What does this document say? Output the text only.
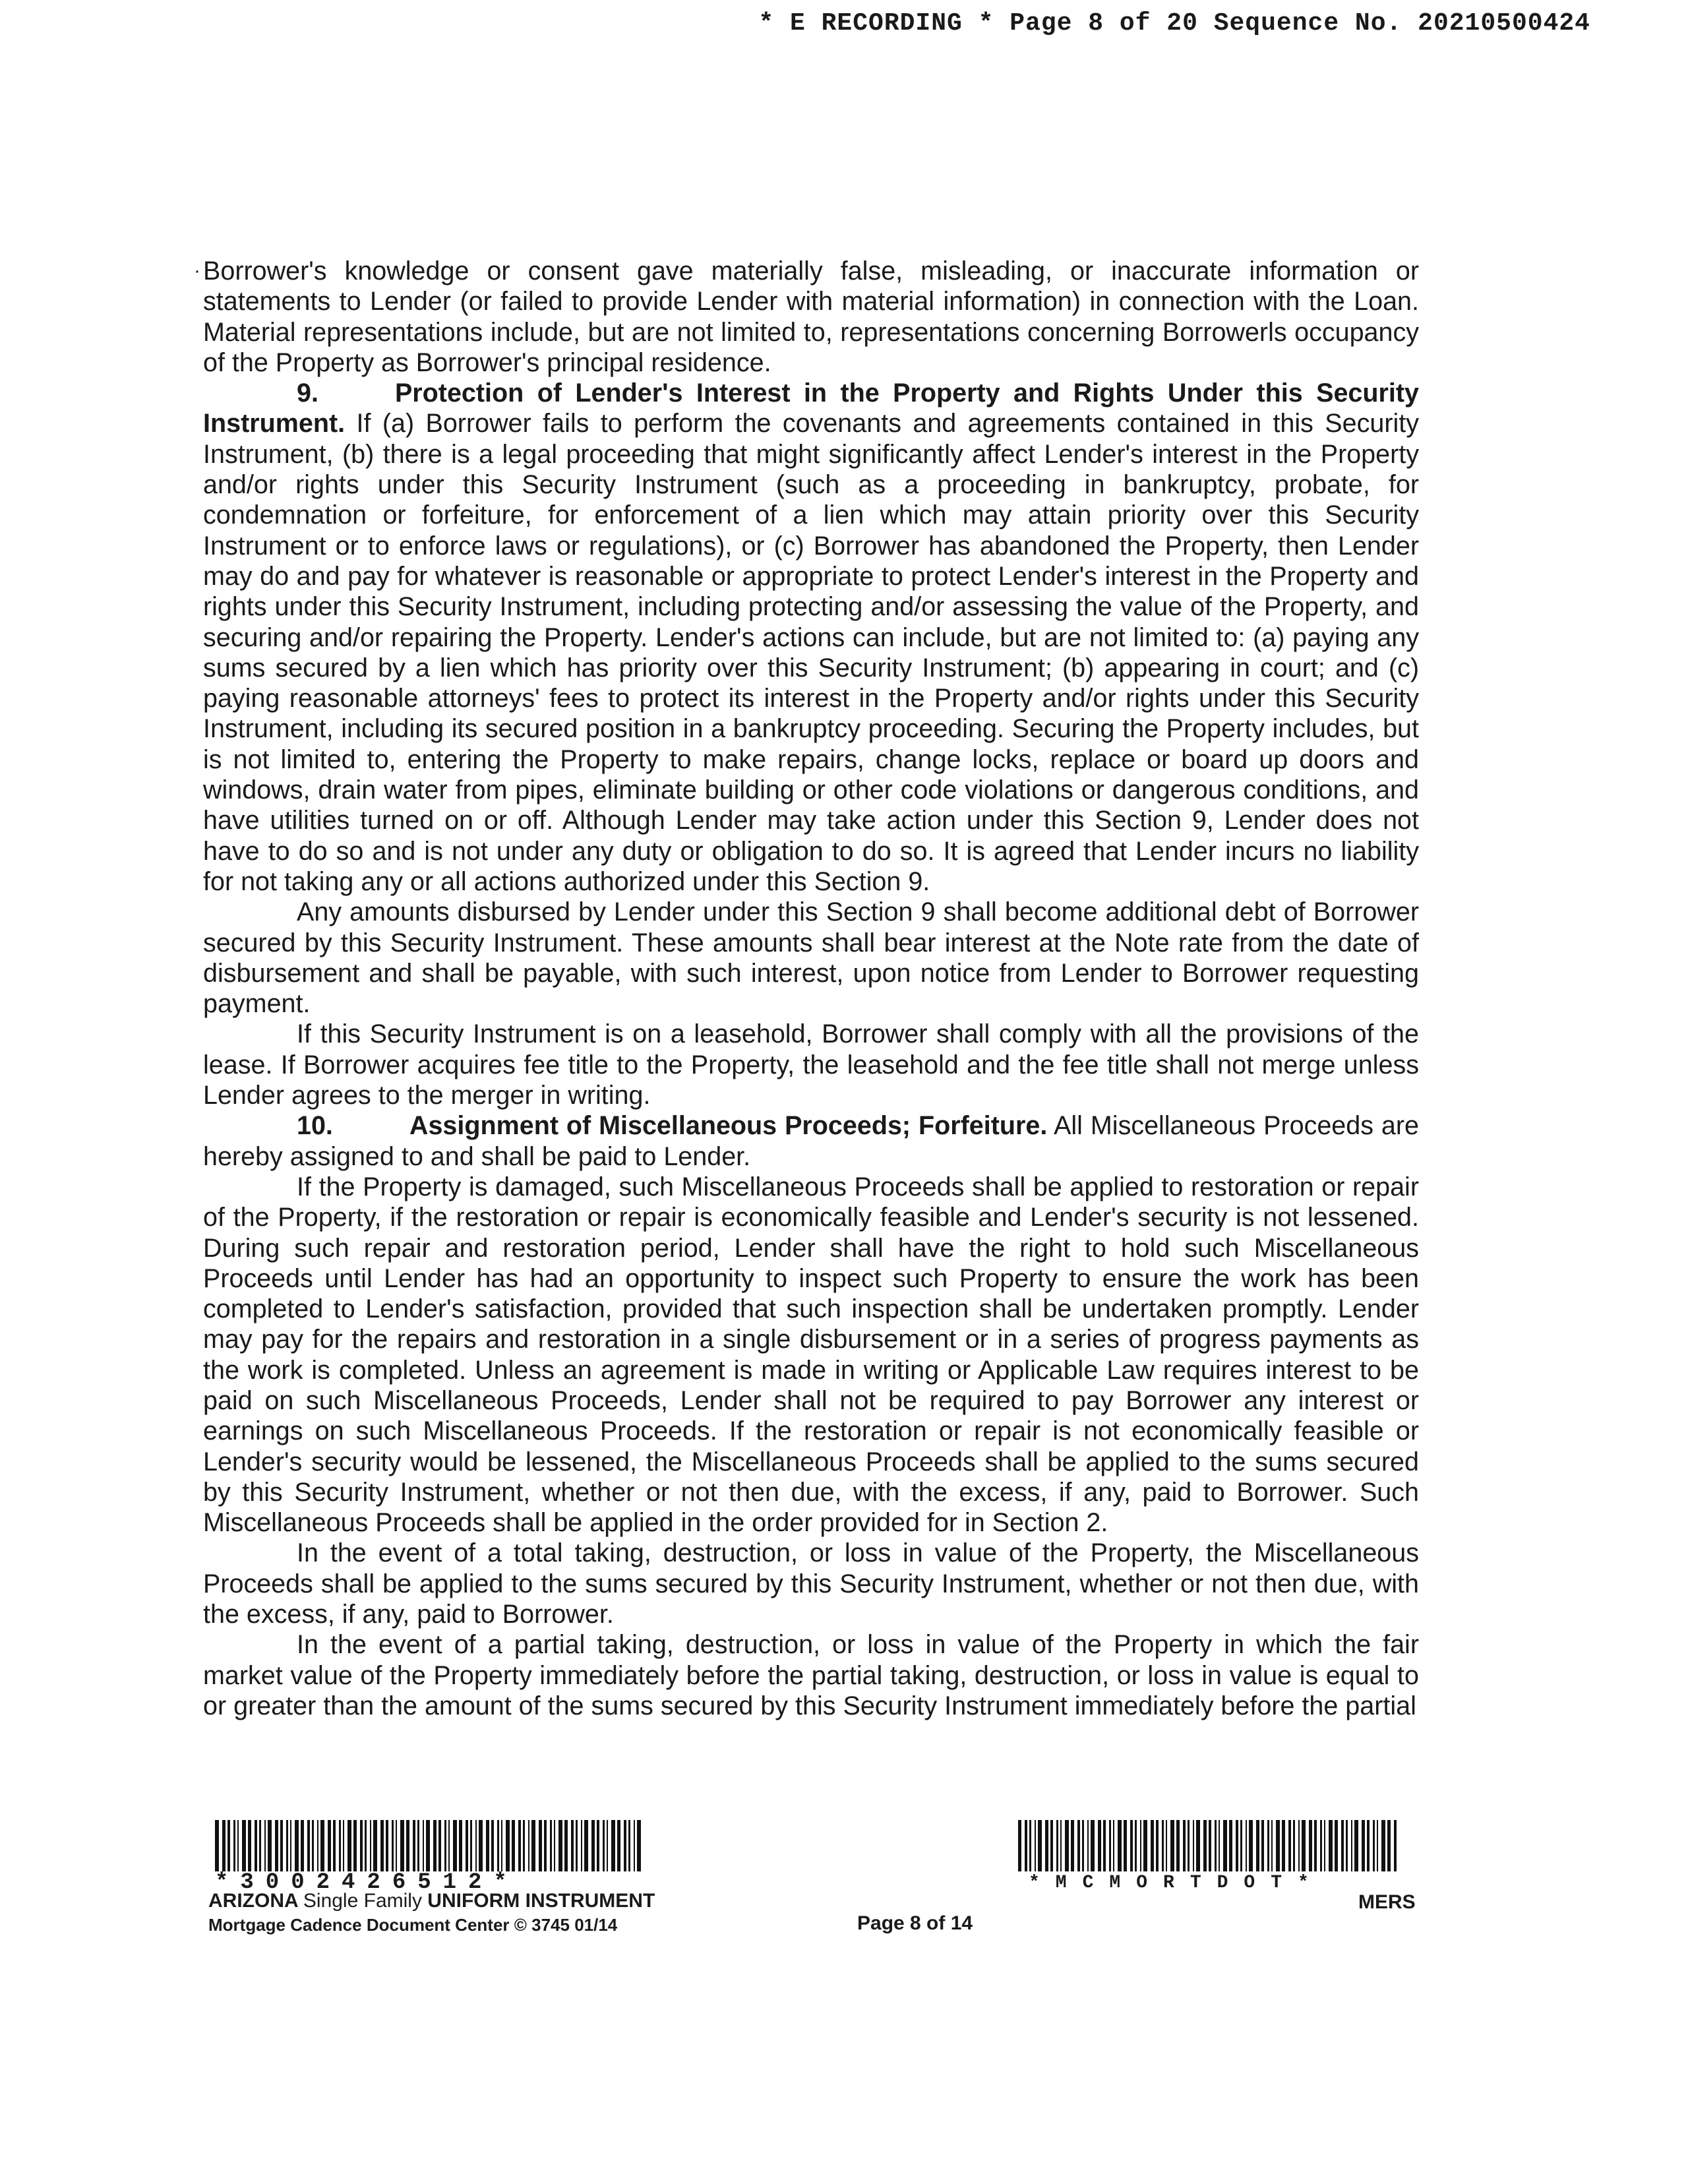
* E RECORDING * Page 8 of 20 Sequence No. 20210500424
· Borrower's knowledge or consent gave materially false, misleading, or inaccurate information or statements to Lender (or failed to provide Lender with material information) in connection with the Loan. Material representations include, but are not limited to, representations concerning Borrowerls occupancy of the Property as Borrower's principal residence.

9.	Protection of Lender's Interest in the Property and Rights Under this Security Instrument. If (a) Borrower fails to perform the covenants and agreements contained in this Security Instrument, (b) there is a legal proceeding that might significantly affect Lender's interest in the Property and/or rights under this Security Instrument (such as a proceeding in bankruptcy, probate, for condemnation or forfeiture, for enforcement of a lien which may attain priority over this Security Instrument or to enforce laws or regulations), or (c) Borrower has abandoned the Property, then Lender may do and pay for whatever is reasonable or appropriate to protect Lender's interest in the Property and rights under this Security Instrument, including protecting and/or assessing the value of the Property, and securing and/or repairing the Property. Lender's actions can include, but are not limited to: (a) paying any sums secured by a lien which has priority over this Security Instrument; (b) appearing in court; and (c) paying reasonable attorneys' fees to protect its interest in the Property and/or rights under this Security Instrument, including its secured position in a bankruptcy proceeding. Securing the Property includes, but is not limited to, entering the Property to make repairs, change locks, replace or board up doors and windows, drain water from pipes, eliminate building or other code violations or dangerous conditions, and have utilities turned on or off. Although Lender may take action under this Section 9, Lender does not have to do so and is not under any duty or obligation to do so. It is agreed that Lender incurs no liability for not taking any or all actions authorized under this Section 9.

Any amounts disbursed by Lender under this Section 9 shall become additional debt of Borrower secured by this Security Instrument. These amounts shall bear interest at the Note rate from the date of disbursement and shall be payable, with such interest, upon notice from Lender to Borrower requesting payment.

If this Security Instrument is on a leasehold, Borrower shall comply with all the provisions of the lease. If Borrower acquires fee title to the Property, the leasehold and the fee title shall not merge unless Lender agrees to the merger in writing.

10.	Assignment of Miscellaneous Proceeds; Forfeiture. All Miscellaneous Proceeds are hereby assigned to and shall be paid to Lender.

If the Property is damaged, such Miscellaneous Proceeds shall be applied to restoration or repair of the Property, if the restoration or repair is economically feasible and Lender's security is not lessened. During such repair and restoration period, Lender shall have the right to hold such Miscellaneous Proceeds until Lender has had an opportunity to inspect such Property to ensure the work has been completed to Lender's satisfaction, provided that such inspection shall be undertaken promptly. Lender may pay for the repairs and restoration in a single disbursement or in a series of progress payments as the work is completed. Unless an agreement is made in writing or Applicable Law requires interest to be paid on such Miscellaneous Proceeds, Lender shall not be required to pay Borrower any interest or earnings on such Miscellaneous Proceeds. If the restoration or repair is not economically feasible or Lender's security would be lessened, the Miscellaneous Proceeds shall be applied to the sums secured by this Security Instrument, whether or not then due, with the excess, if any, paid to Borrower. Such Miscellaneous Proceeds shall be applied in the order provided for in Section 2.

In the event of a total taking, destruction, or loss in value of the Property, the Miscellaneous Proceeds shall be applied to the sums secured by this Security Instrument, whether or not then due, with the excess, if any, paid to Borrower.

In the event of a partial taking, destruction, or loss in value of the Property in which the fair market value of the Property immediately before the partial taking, destruction, or loss in value is equal to or greater than the amount of the sums secured by this Security Instrument immediately before the partial

*3002426512*	*MCMORTDOT*
ARIZONA Single Family UNIFORM INSTRUMENT
Mortgage Cadence Document Center © 3745 01/14	Page 8 of 14
MERS
